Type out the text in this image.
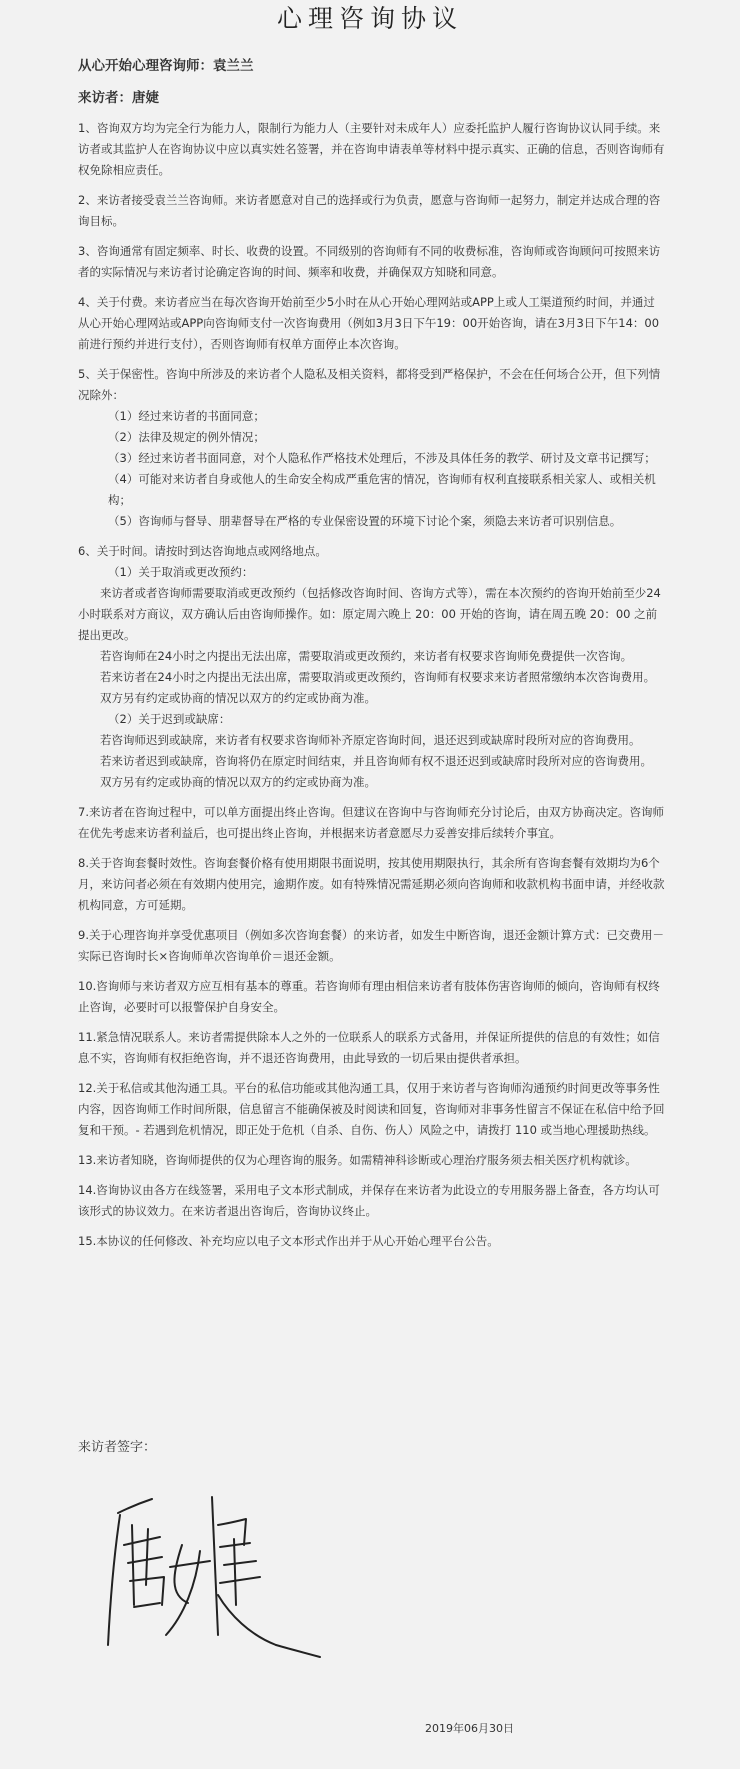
心理咨询协议
从心开始心理咨询师：袁兰兰
来访者：唐婕

1、咨询双方均为完全行为能力人，限制行为能力人（主要针对未成年人）应委托监护人履行咨询协议认同手续。来访者或其监护人在咨询协议中应以真实姓名签署，并在咨询申请表单等材料中提示真实、正确的信息，否则咨询师有权免除相应责任。

2、来访者接受袁兰兰咨询师。来访者愿意对自己的选择或行为负责，愿意与咨询师一起努力，制定并达成合理的咨询目标。

3、咨询通常有固定频率、时长、收费的设置。不同级别的咨询师有不同的收费标准，咨询师或咨询顾问可按照来访者的实际情况与来访者讨论确定咨询的时间、频率和收费，并确保双方知晓和同意。

4、关于付费。来访者应当在每次咨询开始前至少5小时在从心开始心理网站或APP上或人工渠道预约时间，并通过从心开始心理网站或APP向咨询师支付一次咨询费用（例如3月3日下午19：00开始咨询，请在3月3日下午14：00前进行预约并进行支付），否则咨询师有权单方面停止本次咨询。

5、关于保密性。咨询中所涉及的来访者个人隐私及相关资料，都将受到严格保护，不会在任何场合公开，但下列情况除外：

（1）经过来访者的书面同意；

（2）法律及规定的例外情况；

（3）经过来访者书面同意，对个人隐私作严格技术处理后，不涉及具体任务的教学、研讨及文章书记撰写；

（4）可能对来访者自身或他人的生命安全构成严重危害的情况，咨询师有权利直接联系相关家人、或相关机构；

（5）咨询师与督导、朋辈督导在严格的专业保密设置的环境下讨论个案，须隐去来访者可识别信息。

6、关于时间。请按时到达咨询地点或网络地点。

（1）关于取消或更改预约：

来访者或者咨询师需要取消或更改预约（包括修改咨询时间、咨询方式等），需在本次预约的咨询开始前至少24小时联系对方商议，双方确认后由咨询师操作。如：原定周六晚上 20：00 开始的咨询，请在周五晚 20：00 之前提出更改。

若咨询师在24小时之内提出无法出席，需要取消或更改预约，来访者有权要求咨询师免费提供一次咨询。

若来访者在24小时之内提出无法出席，需要取消或更改预约，咨询师有权要求来访者照常缴纳本次咨询费用。

双方另有约定或协商的情况以双方的约定或协商为准。

（2）关于迟到或缺席：

若咨询师迟到或缺席，来访者有权要求咨询师补齐原定咨询时间，退还迟到或缺席时段所对应的咨询费用。

若来访者迟到或缺席，咨询将仍在原定时间结束，并且咨询师有权不退还迟到或缺席时段所对应的咨询费用。

双方另有约定或协商的情况以双方的约定或协商为准。

7.来访者在咨询过程中，可以单方面提出终止咨询。但建议在咨询中与咨询师充分讨论后，由双方协商决定。咨询师在优先考虑来访者利益后，也可提出终止咨询，并根据来访者意愿尽力妥善安排后续转介事宜。

8.关于咨询套餐时效性。咨询套餐价格有使用期限书面说明，按其使用期限执行，其余所有咨询套餐有效期均为6个月，来访问者必须在有效期内使用完，逾期作废。如有特殊情况需延期必须向咨询师和收款机构书面申请，并经收款机构同意，方可延期。

9.关于心理咨询并享受优惠项目（例如多次咨询套餐）的来访者，如发生中断咨询，退还金额计算方式：已交费用－实际已咨询时长×咨询师单次咨询单价＝退还金额。

10.咨询师与来访者双方应互相有基本的尊重。若咨询师有理由相信来访者有肢体伤害咨询师的倾向，咨询师有权终止咨询，必要时可以报警保护自身安全。

11.紧急情况联系人。来访者需提供除本人之外的一位联系人的联系方式备用，并保证所提供的信息的有效性；如信息不实，咨询师有权拒绝咨询，并不退还咨询费用，由此导致的一切后果由提供者承担。

12.关于私信或其他沟通工具。平台的私信功能或其他沟通工具，仅用于来访者与咨询师沟通预约时间更改等事务性内容，因咨询师工作时间所限，信息留言不能确保被及时阅读和回复，咨询师对非事务性留言不保证在私信中给予回复和干预。- 若遇到危机情况，即正处于危机（自杀、自伤、伤人）风险之中，请拨打 110 或当地心理援助热线。

13.来访者知晓，咨询师提供的仅为心理咨询的服务。如需精神科诊断或心理治疗服务须去相关医疗机构就诊。

14.咨询协议由各方在线签署，采用电子文本形式制成，并保存在来访者为此设立的专用服务器上备查，各方均认可该形式的协议效力。在来访者退出咨询后，咨询协议终止。

15.本协议的任何修改、补充均应以电子文本形式作出并于从心开始心理平台公告。

来访者签字：
2019年06月30日
